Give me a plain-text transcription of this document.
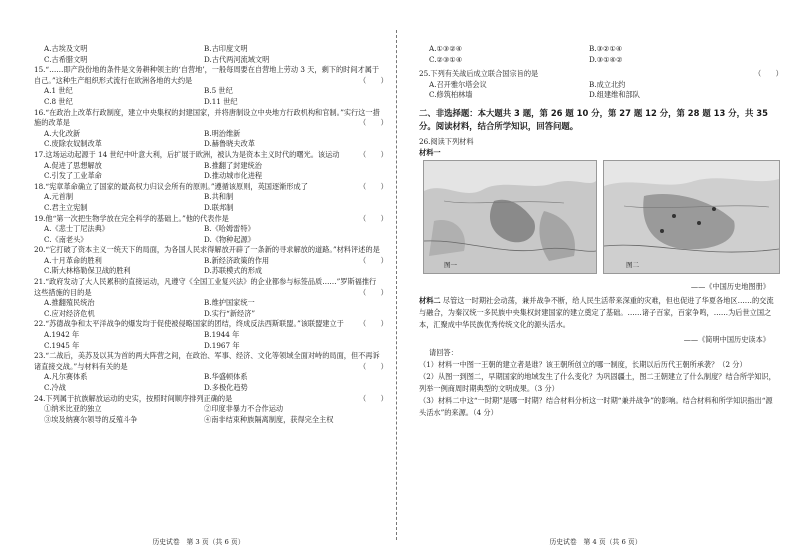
A.古埃及文明	B.古印度文明
C.古希腊文明	D.古代两河流域文明

15.“……即产段份地的条件是文务耕种领主的‘自营地’，一般每周要在自营地上劳动 3 天，剩下的时间才属于自己。”这种生产组织形式流行在欧洲各地的大约是	（　　）

A.1 世纪	B.5 世纪
C.8 世纪	D.11 世纪

16.“在政治上改革行政制度，建立中央集权的封建国家，并将唐制设立中央地方行政机构和官制。”实行这一措施的改革是	（　　）

A.大化改新	B.明治维新
C.废除农奴制改革	D.赫鲁晓夫改革

17.这场运动起源于 14 世纪中叶意大利，后扩展于欧洲，被认为是资本主义时代的曙光。该运动	（　　）

A.促进了思想解放	B.推翻了封建统治
C.引发了工业革命	D.推动城市化进程

18.“宪章革命确立了国家的最高权力归议会所有的原则。”遵循该原则，英国逐渐形成了	（　　）

A.元首制	B.共和制
C.君主立宪制	D.联邦制

19.他“第一次把生物学放在完全科学的基础上。”他的代表作是	（　　）

A.《悲士丁尼法典》	B.《哈姆雷特》
C.《南老头》	D.《物种起源》

20.“它打破了资本主义一统天下的局面，为各国人民求得解放开辟了一条新的寻求解放的道路。”材料评述的是
（　　）

A.十月革命的胜利	B.新经济政策的作用
C.斯大林格勒保卫战的胜利	D.苏联模式的形成

21.“政府发动了大人民累积的直接运动，凡遵守《全国工业复兴法》的企业都参与标签品质……”罗斯福推行这些措施的目的是	（　　）

A.推翻殖民统治	B.维护国家统一
C.应对经济危机	D.实行“新经济”

22.“苏德战争和太平洋战争的爆发均于促使被侵略国家的团结，终成反法西斯联盟。”该联盟建立于 （　　）

A.1942 年	B.1944 年
C.1945 年	D.1967 年

23.“二战后，美苏及以其为首的两大阵营之间，在政治、军事、经济、文化等领域全面对峙的局面，但不再诉诸直接交战。”与材料有关的是	（　　）

A.凡尔赛体系	B.华盛顿体系
C.冷战	D.多极化趋势

24.下列属于抗族解放运动的史实，按照时间顺序排列正确的是	（　　）

①纳米比亚的独立	②印度非暴力不合作运动
③埃及纳赛尔领导的反殖斗争	④南非结束种族隔离制度，获得完全主权
历史试卷　第 3 页（共 6 页）
A.①③②④	B.③②①④
C.②③①④	D.③①④②

25.下列有关战后成立联合国宗旨的是	（　　）

A.召开雅尔塔会议	B.成立北约
C.修筑柏林墙	D.组建维和部队
二、非选择题：本大题共 3 题，第 26 题 10 分，第 27 题 12 分，第 28 题 13 分，共 35 分。阅读材料，结合所学知识，回答问题。

26.阅读下列材料

材料一

图一	图二
——《中国历史地图册》

材料二 尽管这一时期社会动荡，兼并战争不断，给人民生活带来深重的灾难，但也促进了华夏各地区……的交流与融合，为秦汉统一多民族中央集权封建国家的建立奠定了基础。……诸子百家，百家争鸣，……为后世立国之本，汇聚成中华民族优秀传统文化的源头活水。

——《简明中国历史读本》

请回答：

（1）材料一中图一王朝的建立者是谁？该王朝所创立的哪一制度，长期以后历代王朝所承袭？（2 分）

（2）从图一到图二，早期国家的地域发生了什么变化？为巩固疆土，图二王朝建立了什么制度？结合所学知识，列举一例商周时期典型的文明成果。（3 分）

（3）材料二中这“一时期”是哪一时期？结合材料分析这一时期“兼并战争”的影响。结合材料和所学知识指出“源头活水”的来源。（4 分）

历史试卷　第 4 页（共 6 页）
